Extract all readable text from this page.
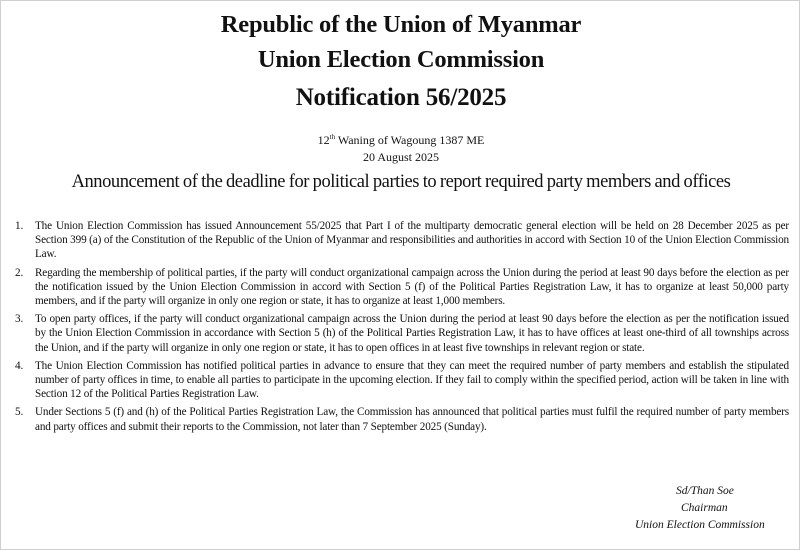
Republic of the Union of Myanmar
Union Election Commission
Notification 56/2025
12th Waning of Wagoung 1387 ME
20 August 2025
Announcement of the deadline for political parties to report required party members and offices
1. The Union Election Commission has issued Announcement 55/2025 that Part I of the multiparty democratic general election will be held on 28 December 2025 as per Section 399 (a) of the Constitution of the Republic of the Union of Myanmar and responsibilities and authorities in accord with Section 10 of the Union Election Commission Law.
2. Regarding the membership of political parties, if the party will conduct organizational campaign across the Union during the period at least 90 days before the election as per the notification issued by the Union Election Commission in accord with Section 5 (f) of the Political Parties Registration Law, it has to organize at least 50,000 party members, and if the party will organize in only one region or state, it has to organize at least 1,000 members.
3. To open party offices, if the party will conduct organizational campaign across the Union during the period at least 90 days before the election as per the notification issued by the Union Election Commission in accordance with Section 5 (h) of the Political Parties Registration Law, it has to have offices at least one-third of all townships across the Union, and if the party will organize in only one region or state, it has to open offices in at least five townships in relevant region or state.
4. The Union Election Commission has notified political parties in advance to ensure that they can meet the required number of party members and establish the stipulated number of party offices in time, to enable all parties to participate in the upcoming election. If they fail to comply within the specified period, action will be taken in line with Section 12 of the Political Parties Registration Law.
5. Under Sections 5 (f) and (h) of the Political Parties Registration Law, the Commission has announced that political parties must fulfil the required number of party members and party offices and submit their reports to the Commission, not later than 7 September 2025 (Sunday).
Sd/Than Soe
Chairman
Union Election Commission
